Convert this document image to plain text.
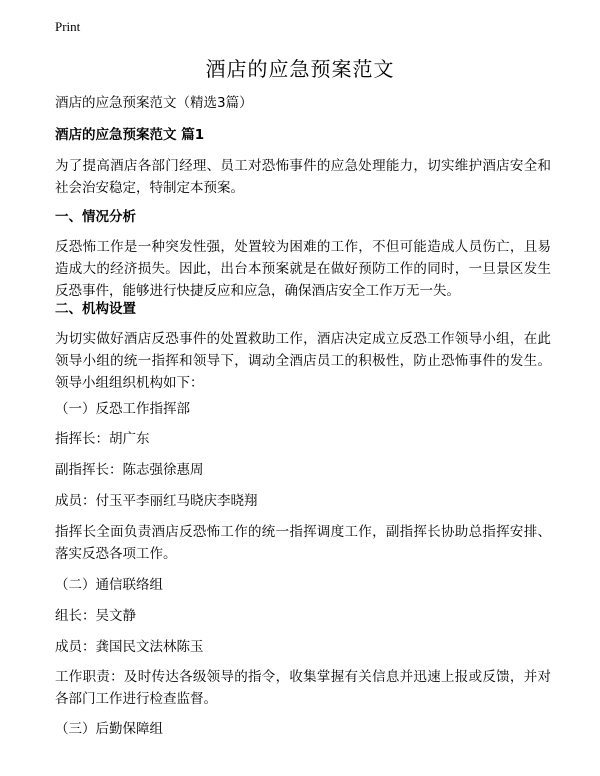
Print
酒店的应急预案范文
酒店的应急预案范文（精选3篇）
酒店的应急预案范文 篇1
为了提高酒店各部门经理、员工对恐怖事件的应急处理能力，切实维护酒店安全和社会治安稳定，特制定本预案。
一、情况分析
反恐怖工作是一种突发性强，处置较为困难的工作，不但可能造成人员伤亡，且易造成大的经济损失。因此，出台本预案就是在做好预防工作的同时，一旦景区发生反恐事件，能够进行快捷反应和应急，确保酒店安全工作万无一失。
二、机构设置
为切实做好酒店反恐事件的处置救助工作，酒店决定成立反恐工作领导小组，在此领导小组的统一指挥和领导下，调动全酒店员工的积极性，防止恐怖事件的发生。领导小组组织机构如下：
（一）反恐工作指挥部
指挥长：胡广东
副指挥长：陈志强徐惠周
成员：付玉平李丽红马晓庆李晓翔
指挥长全面负责酒店反恐怖工作的统一指挥调度工作，副指挥长协助总指挥安排、落实反恐各项工作。
（二）通信联络组
组长：吴文静
成员：龚国民文法林陈玉
工作职责：及时传达各级领导的指令，收集掌握有关信息并迅速上报或反馈，并对各部门工作进行检查监督。
（三）后勤保障组
